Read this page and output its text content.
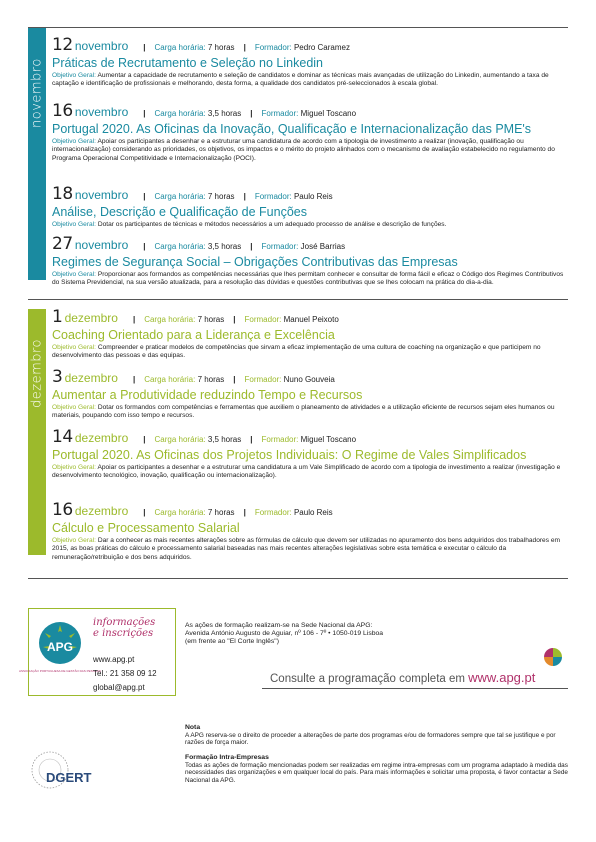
novembro
dezembro
12 novembro | Carga horária: 7 horas | Formador: Pedro Caramez
Práticas de Recrutamento e Seleção no Linkedin
Objetivo Geral: Aumentar a capacidade de recrutamento e seleção de candidatos e dominar as técnicas mais avançadas de utilização do Linkedin, aumentando a taxa de captação e identificação de profissionais e melhorando, desta forma, a qualidade dos candidatos pré-seleccionados à escala global.
16 novembro | Carga horária: 3,5 horas | Formador: Miguel Toscano
Portugal 2020. As Oficinas da Inovação, Qualificação e Internacionalização das PME's
Objetivo Geral: Apoiar os participantes a desenhar e a estruturar uma candidatura de acordo com a tipologia de investimento a realizar (inovação, qualificação ou internacionalização) considerando as prioridades, os objetivos, os impactos e o mérito do projeto alinhados com o mecanismo de avaliação estabelecido no regulamento do Programa Operacional Competitividade e Internacionalização (POCI).
18 novembro | Carga horária: 7 horas | Formador: Paulo Reis
Análise, Descrição e Qualificação de Funções
Objetivo Geral: Dotar os participantes de técnicas e métodos necessários a um adequado processo de análise e descrição de funções.
27 novembro | Carga horária: 3,5 horas | Formador: José Barrias
Regimes de Segurança Social – Obrigações Contributivas das Empresas
Objetivo Geral: Proporcionar aos formandos as competências necessárias que lhes permitam conhecer e consultar de forma fácil e eficaz o Código dos Regimes Contributivos do Sistema Previdencial, na sua versão atualizada, para a resolução das dúvidas e questões contributivas que se lhes colocam na prática do dia-a-dia.
1 dezembro | Carga horária: 7 horas | Formador: Manuel Peixoto
Coaching Orientado para a Liderança e Excelência
Objetivo Geral: Compreender e praticar modelos de competências que sirvam a eficaz implementação de uma cultura de coaching na organização e que participem no desenvolvimento das pessoas e das equipas.
3 dezembro | Carga horária: 7 horas | Formador: Nuno Gouveia
Aumentar a Produtividade reduzindo Tempo e Recursos
Objetivo Geral: Dotar os formandos com competências e ferramentas que auxiliem o planeamento de atividades e a utilização eficiente de recursos sejam eles humanos ou materiais, poupando com isso tempo e recursos.
14 dezembro | Carga horária: 3,5 horas | Formador: Miguel Toscano
Portugal 2020. As Oficinas dos Projetos Individuais: O Regime de Vales Simplificados
Objetivo Geral: Apoiar os participantes a desenhar e a estruturar uma candidatura a um Vale Simplificado de acordo com a tipologia de investimento a realizar (investigação e desenvolvimento tecnológico, inovação, qualificação ou internacionalização).
16 dezembro | Carga horária: 7 horas | Formador: Paulo Reis
Cálculo e Processamento Salarial
Objetivo Geral: Dar a conhecer as mais recentes alterações sobre as fórmulas de cálculo que devem ser utilizadas no apuramento dos bens adquiridos dos trabalhadores em 2015, as boas práticas do cálculo e processamento salarial baseadas nas mais recentes alterações legislativas sobre esta temática e executar o cálculo da remuneração/retribuição e dos bens adquiridos.
APG
ASSOCIAÇÃO PORTUGUESA DE GESTÃO DAS PESSOAS
informações
e inscrições
www.apg.pt
Tel.: 21 358 09 12
global@apg.pt
As ações de formação realizam-se na Sede Nacional da APG:
Avenida António Augusto de Aguiar, nº 106 - 7º • 1050-019 Lisboa
(em frente ao "El Corte Inglês")
Consulte a programação completa em www.apg.pt
Nota
A APG reserva-se o direito de proceder a alterações de parte dos programas e/ou de formadores sempre que tal se justifique e por razões de força maior.
Formação Intra-Empresas
Todas as ações de formação mencionadas podem ser realizadas em regime intra-empresas com um programa adaptado à medida das necessidades das organizações e em qualquer local do país. Para mais informações e solicitar uma proposta, é favor contactar a Sede Nacional da APG.
DGERT
